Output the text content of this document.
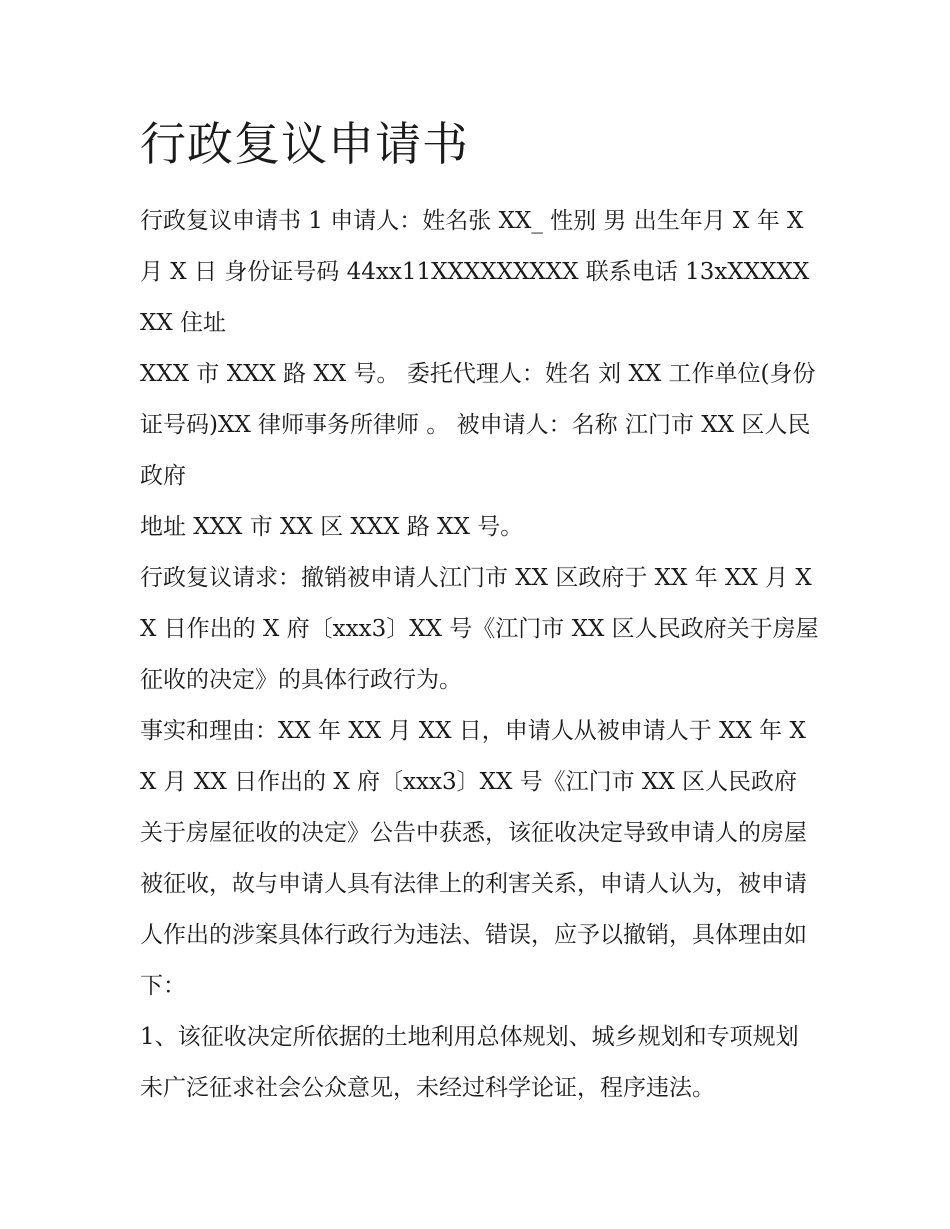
行政复议申请书

行政复议申请书 1 申请人：姓名张 XX_ 性别 男 出生年月 X 年 X 月 X 日 身份证号码 44xx11XXXXXXXXX 联系电话 13xXXXXXXX 住址

XXX 市 XXX 路 XX 号。 委托代理人：姓名 刘 XX 工作单位(身份证号码)XX 律师事务所律师 。 被申请人：名称 江门市 XX 区人民政府

地址 XXX 市 XX 区 XXX 路 XX 号。

行政复议请求：撤销被申请人江门市 XX 区政府于 XX 年 XX 月 XX 日作出的 X 府〔xxx3〕XX 号《江门市 XX 区人民政府关于房屋征收的决定》的具体行政行为。

事实和理由：XX 年 XX 月 XX 日，申请人从被申请人于 XX 年 XX 月 XX 日作出的 X 府〔xxx3〕XX 号《江门市 XX 区人民政府关于房屋征收的决定》公告中获悉，该征收决定导致申请人的房屋被征收，故与申请人具有法律上的利害关系，申请人认为，被申请人作出的涉案具体行政行为违法、错误，应予以撤销，具体理由如下：

1、该征收决定所依据的土地利用总体规划、城乡规划和专项规划未广泛征求社会公众意见，未经过科学论证，程序违法。
